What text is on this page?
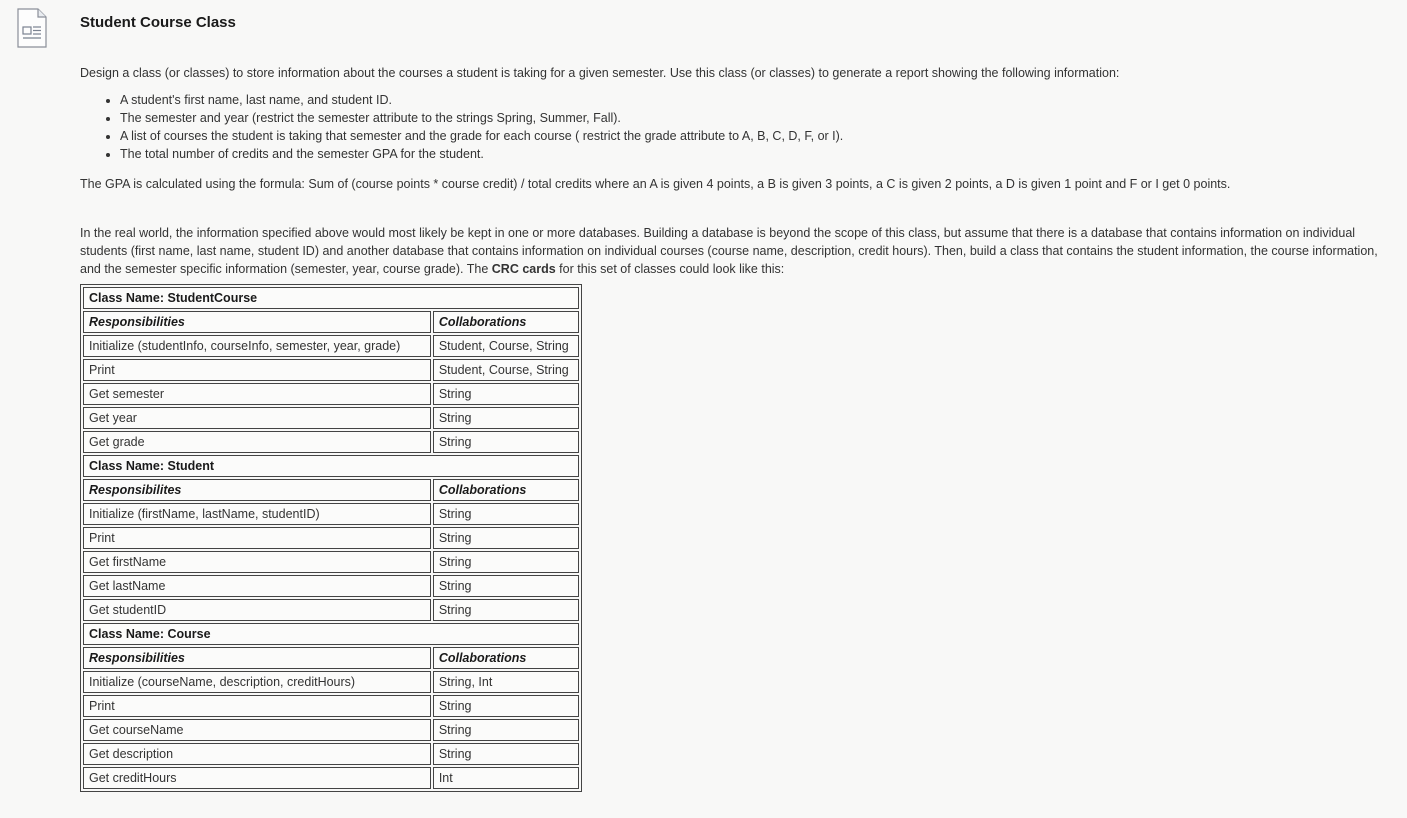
Student Course Class

Design a class (or classes) to store information about the courses a student is taking for a given semester. Use this class (or classes) to generate a report showing the following information:

• A student's first name, last name, and student ID.
• The semester and year (restrict the semester attribute to the strings Spring, Summer, Fall).
• A list of courses the student is taking that semester and the grade for each course ( restrict the grade attribute to A, B, C, D, F, or I).
• The total number of credits and the semester GPA for the student.

The GPA is calculated using the formula: Sum of (course points * course credit) / total credits where an A is given 4 points, a B is given 3 points, a C is given 2 points, a D is given 1 point and F or I get 0 points.

In the real world, the information specified above would most likely be kept in one or more databases. Building a database is beyond the scope of this class, but assume that there is a database that contains information on individual students (first name, last name, student ID) and another database that contains information on individual courses (course name, description, credit hours). Then, build a class that contains the student information, the course information, and the semester specific information (semester, year, course grade). The CRC cards for this set of classes could look like this:

Class Name: StudentCourse	
Responsibilities	Collaborations
Initialize (studentInfo, courseInfo, semester, year, grade)	Student, Course, String
Print	Student, Course, String
Get semester	String
Get year	String
Get grade	String
Class Name: Student	
Responsibilites	Collaborations
Initialize (firstName, lastName, studentID)	String
Print	String
Get firstName	String
Get lastName	String
Get studentID	String
Class Name: Course	
Responsibilities	Collaborations
Initialize (courseName, description, creditHours)	String, Int
Print	String
Get courseName	String
Get description	String
Get creditHours	Int
